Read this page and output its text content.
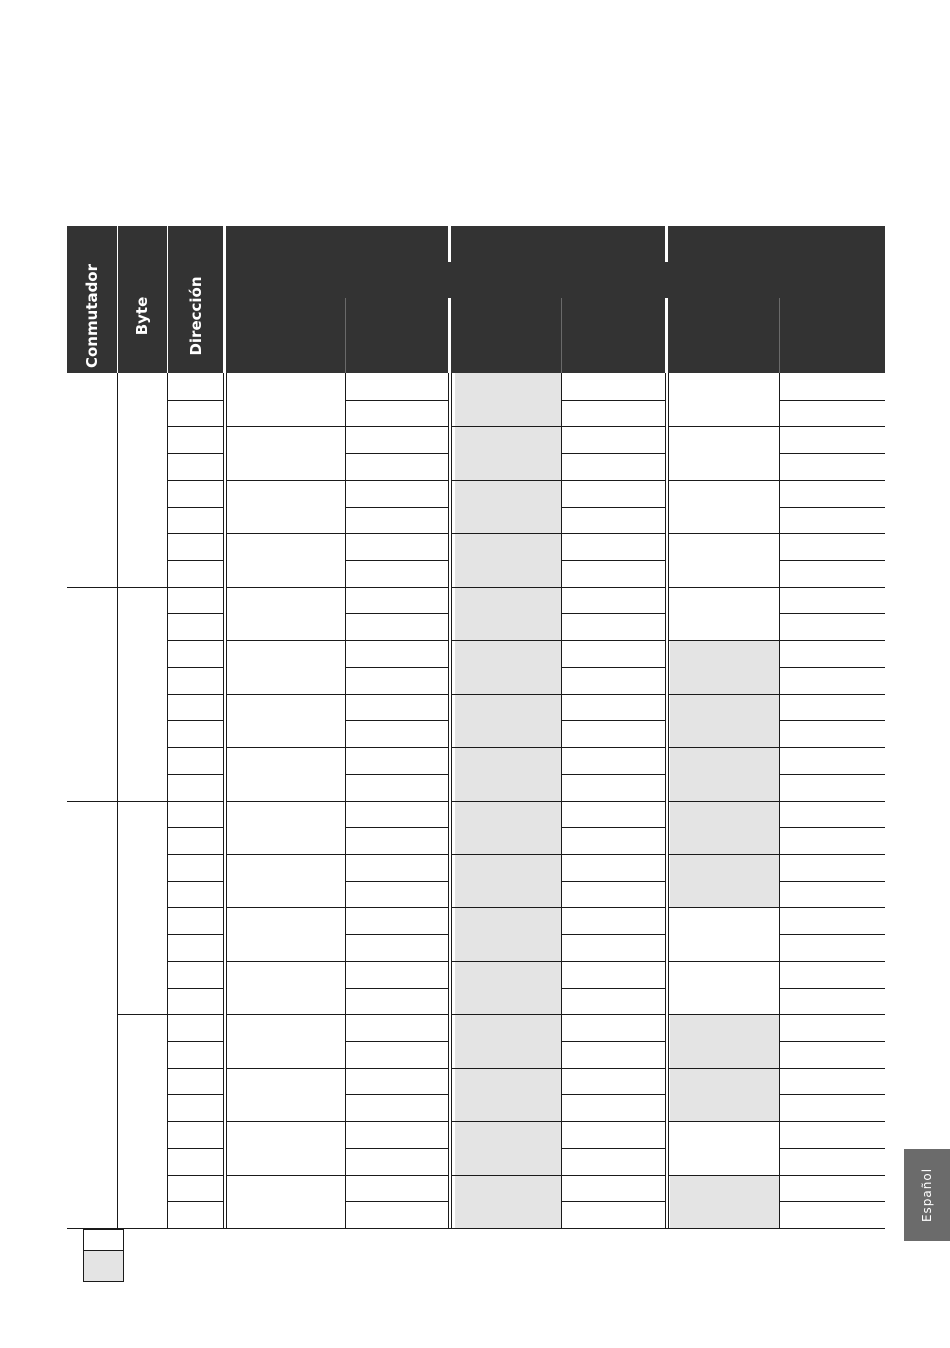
Conmutador Byte Dirección
Español
